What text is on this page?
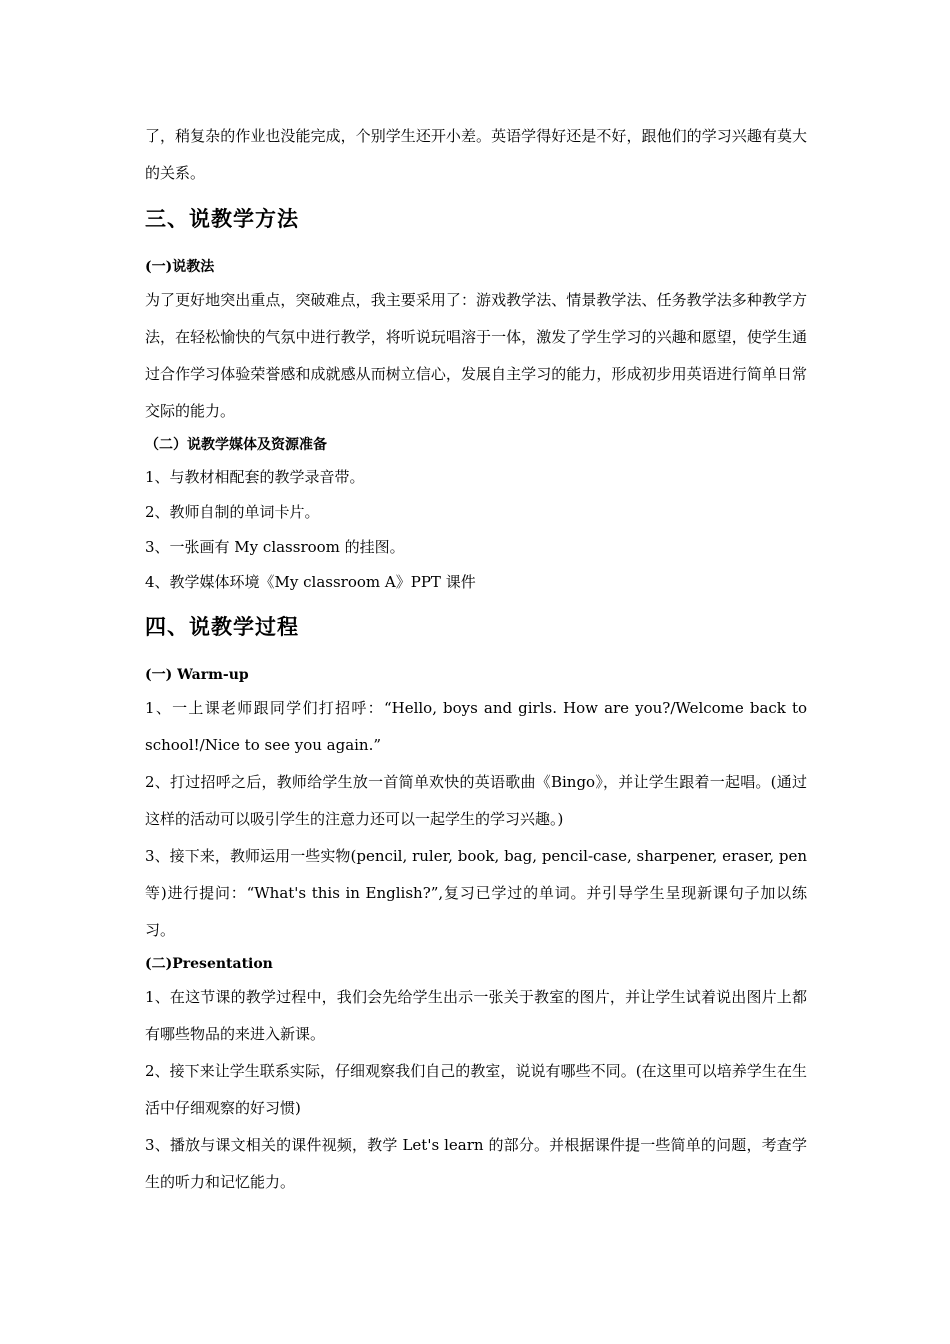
了，稍复杂的作业也没能完成，个别学生还开小差。英语学得好还是不好，跟他们的学习兴趣有莫大的关系。

三、说教学方法

(一)说教法

为了更好地突出重点，突破难点，我主要采用了：游戏教学法、情景教学法、任务教学法多种教学方法，在轻松愉快的气氛中进行教学，将听说玩唱溶于一体，激发了学生学习的兴趣和愿望，使学生通过合作学习体验荣誉感和成就感从而树立信心，发展自主学习的能力，形成初步用英语进行简单日常交际的能力。

（二）说教学媒体及资源准备

1、与教材相配套的教学录音带。

2、教师自制的单词卡片。

3、一张画有 My classroom 的挂图。

4、教学媒体环境《My classroom A》PPT 课件

四、说教学过程

(一) Warm-up

1、一上课老师跟同学们打招呼：“Hello, boys and girls. How are you?/Welcome back to school!/Nice to see you again.”

2、打过招呼之后，教师给学生放一首简单欢快的英语歌曲《Bingo》，并让学生跟着一起唱。(通过这样的活动可以吸引学生的注意力还可以一起学生的学习兴趣。)

3、接下来，教师运用一些实物(pencil, ruler, book, bag, pencil-case, sharpener, eraser, pen 等)进行提问：“What's this in English?”,复习已学过的单词。并引导学生呈现新课句子加以练习。

(二)Presentation

1、在这节课的教学过程中，我们会先给学生出示一张关于教室的图片，并让学生试着说出图片上都有哪些物品的来进入新课。

2、接下来让学生联系实际，仔细观察我们自己的教室，说说有哪些不同。(在这里可以培养学生在生活中仔细观察的好习惯)

3、播放与课文相关的课件视频，教学 Let's learn 的部分。并根据课件提一些简单的问题，考查学生的听力和记忆能力。
